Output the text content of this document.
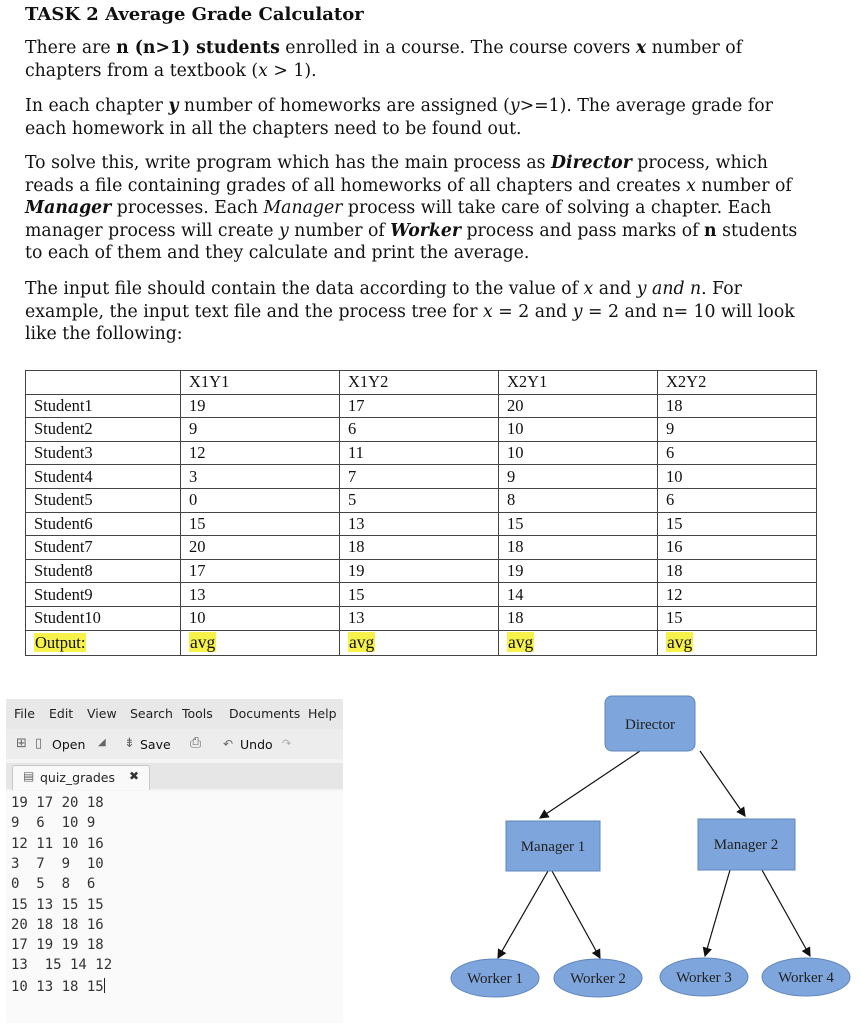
TASK 2 Average Grade Calculator
There are n (n>1) students enrolled in a course. The course covers x number of chapters from a textbook (x > 1).
In each chapter y number of homeworks are assigned (y>=1). The average grade for each homework in all the chapters need to be found out.
To solve this, write program which has the main process as Director process, which reads a file containing grades of all homeworks of all chapters and creates x number of Manager processes. Each Manager process will take care of solving a chapter. Each manager process will create y number of Worker process and pass marks of n students to each of them and they calculate and print the average.
The input file should contain the data according to the value of x and y and n. For example, the input text file and the process tree for x = 2 and y = 2 and n= 10 will look like the following:
	X1Y1	X1Y2	X2Y1	X2Y2
Student1	19	17	20	18
Student2	9	6	10	9
Student3	12	11	10	6
Student4	3	7	9	10
Student5	0	5	8	6
Student6	15	13	15	15
Student7	20	18	18	16
Student8	17	19	19	18
Student9	13	15	14	12
Student10	10	13	18	15
Output:	avg	avg	avg	avg
File Edit View Search Tools Documents Help
⊞ ▯ Open ◢ ⇟ Save ⎙ ↶ Undo ↷
▤ quiz_grades ✖
19 17 20 18
9  6  10 9
12 11 10 16
3  7  9  10
0  5  8  6
15 13 15 15
20 18 18 16
17 19 19 18
13  15 14 12
10 13 18 15
Director
Manager 1	Manager 2
Worker 1	Worker 2	Worker 3	Worker 4
